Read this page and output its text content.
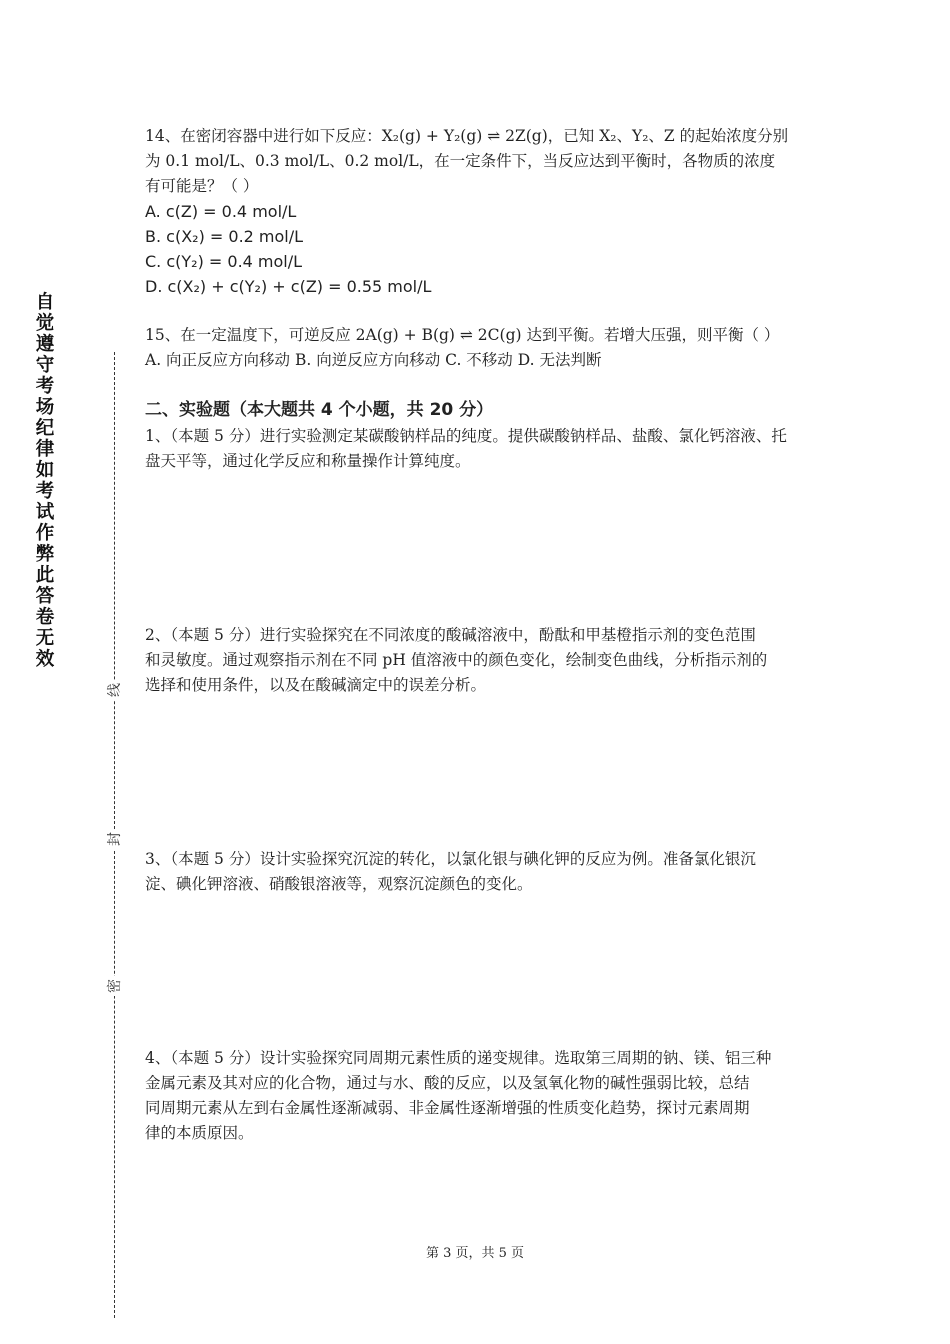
自
觉
遵
守
考
场
纪
律
如
考
试
作
弊
此
答
卷
无
效
线
封
密

14、在密闭容器中进行如下反应：X₂(g) + Y₂(g) ⇌ 2Z(g)，已知 X₂、Y₂、Z 的起始浓度分别

为 0.1 mol/L、0.3 mol/L、0.2 mol/L，在一定条件下，当反应达到平衡时，各物质的浓度

有可能是？（ ）

A. c(Z) = 0.4 mol/L

B. c(X₂) = 0.2 mol/L

C. c(Y₂) = 0.4 mol/L

D. c(X₂) + c(Y₂) + c(Z) = 0.55 mol/L

15、在一定温度下，可逆反应 2A(g) + B(g) ⇌ 2C(g) 达到平衡。若增大压强，则平衡（ ）

A. 向正反应方向移动 B. 向逆反应方向移动 C. 不移动 D. 无法判断

二、实验题（本大题共 4 个小题，共 20 分）

1、（本题 5 分）进行实验测定某碳酸钠样品的纯度。提供碳酸钠样品、盐酸、氯化钙溶液、托

盘天平等，通过化学反应和称量操作计算纯度。

2、（本题 5 分）进行实验探究在不同浓度的酸碱溶液中，酚酞和甲基橙指示剂的变色范围

和灵敏度。通过观察指示剂在不同 pH 值溶液中的颜色变化，绘制变色曲线，分析指示剂的

选择和使用条件，以及在酸碱滴定中的误差分析。

3、（本题 5 分）设计实验探究沉淀的转化，以氯化银与碘化钾的反应为例。准备氯化银沉

淀、碘化钾溶液、硝酸银溶液等，观察沉淀颜色的变化。

4、（本题 5 分）设计实验探究同周期元素性质的递变规律。选取第三周期的钠、镁、铝三种

金属元素及其对应的化合物，通过与水、酸的反应，以及氢氧化物的碱性强弱比较，总结

同周期元素从左到右金属性逐渐减弱、非金属性逐渐增强的性质变化趋势，探讨元素周期

律的本质原因。

第 3 页，共 5 页
